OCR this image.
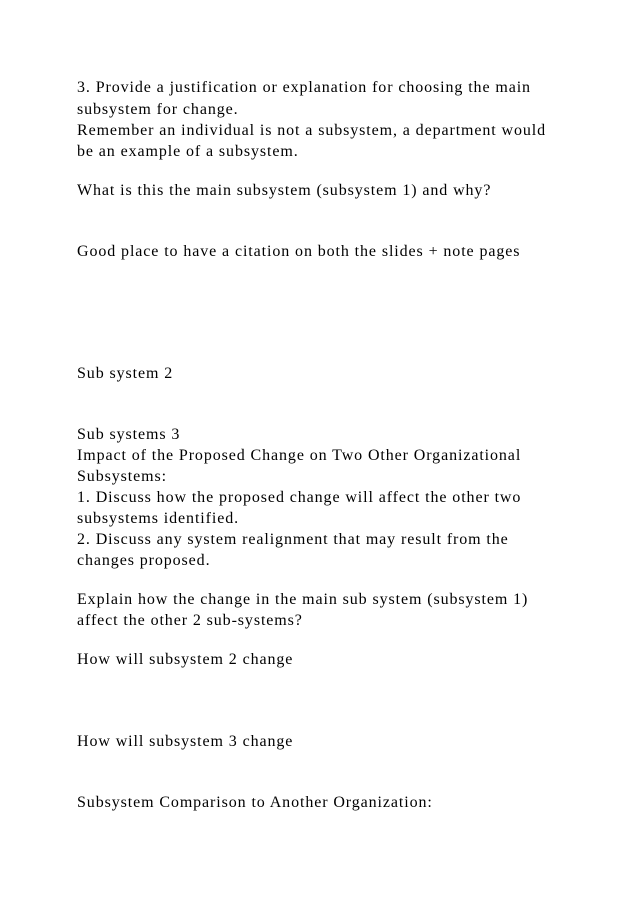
3. Provide a justification or explanation for choosing the main

subsystem for change.

Remember an individual is not a subsystem, a department would

be an example of a subsystem.

What is this the main subsystem (subsystem 1) and why?

Good place to have a citation on both the slides + note pages

Sub system 2

Sub systems 3

Impact of the Proposed Change on Two Other Organizational

Subsystems:

1. Discuss how the proposed change will affect the other two

subsystems identified.

2. Discuss any system realignment that may result from the

changes proposed.

Explain how the change in the main sub system (subsystem 1)

affect the other 2 sub-systems?

How will subsystem 2 change

How will subsystem 3 change

Subsystem Comparison to Another Organization:
